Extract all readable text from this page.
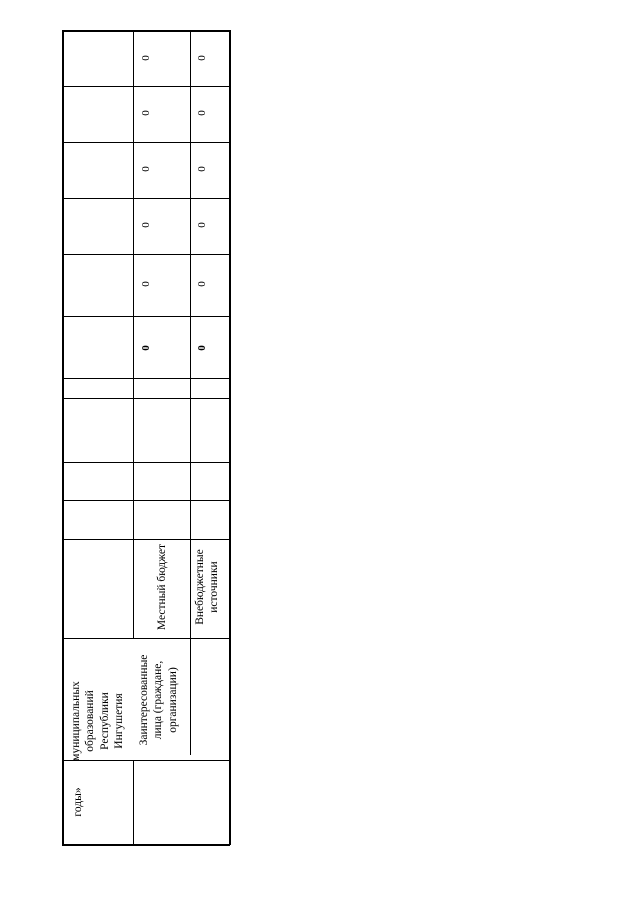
годы»
муниципальных образований Республики Ингушетия Заинтересованные лица (граждане, организации)
Местный бюджет Внебюджетные источники
0
0
0
0
0
0
0
0
0
0
0
0
